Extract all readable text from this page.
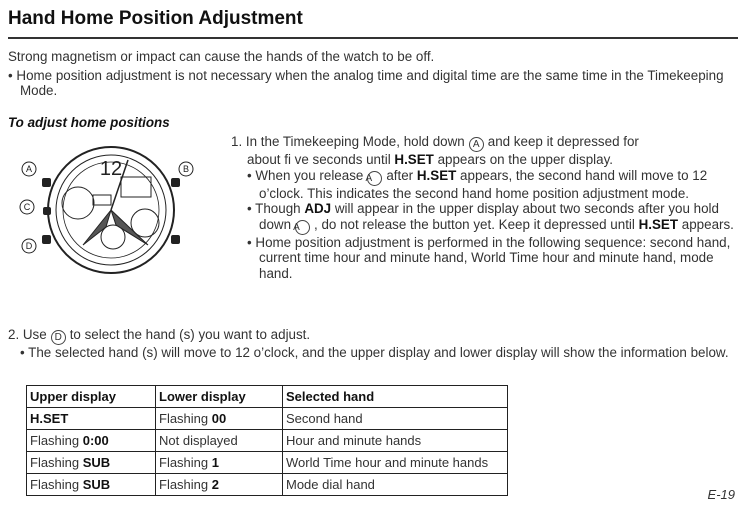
Hand Home Position Adjustment
Strong magnetism or impact can cause the hands of the watch to be off.
• Home position adjustment is not necessary when the analog time and digital time are the same time in the Timekeeping Mode.
To adjust home positions
A
C
D
B
12
1. In the Timekeeping Mode, hold down A and keep it depressed for
about fi ve seconds until H.SET appears on the upper display.
• When you release A after H.SET appears, the second hand will move to 12 o’clock. This indicates the second hand home position adjustment mode.
• Though ADJ will appear in the upper display about two seconds after you hold down A , do not release the button yet. Keep it depressed until H.SET appears.
• Home position adjustment is performed in the following sequence: second hand, current time hour and minute hand, World Time hour and minute hand, mode hand.
2. Use D to select the hand (s) you want to adjust.
• The selected hand (s) will move to 12 o’clock, and the upper display and lower display will show the information below.
Upper display	Lower display	Selected hand
H.SET	Flashing 00	Second hand
Flashing 0:00	Not displayed	Hour and minute hands
Flashing SUB	Flashing 1	World Time hour and minute hands
Flashing SUB	Flashing 2	Mode dial hand
E-19
